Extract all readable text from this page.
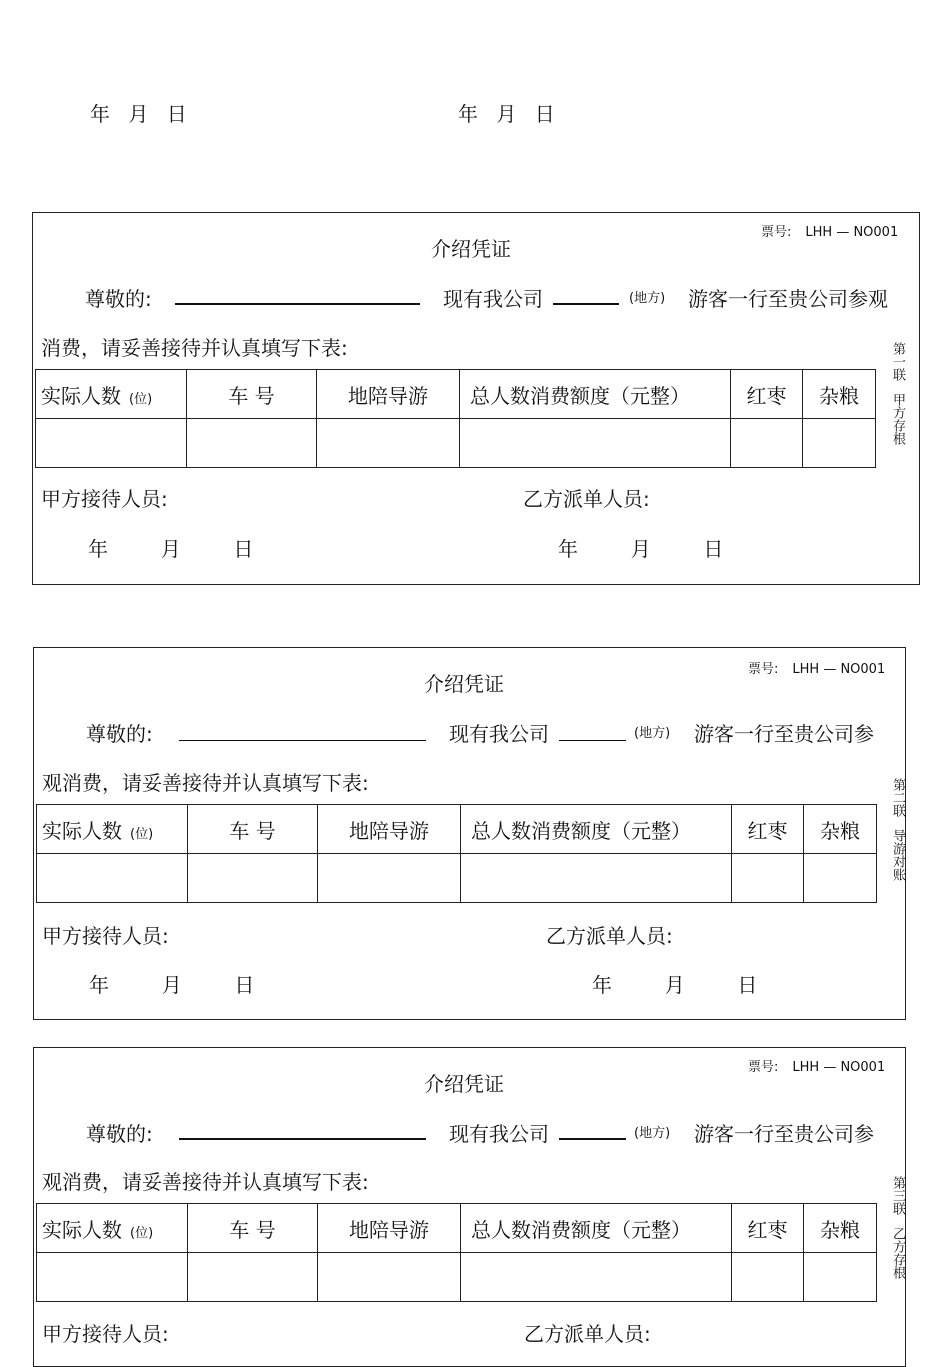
年 月 日	年 月 日
介绍凭证
票号: LHH — NO001
尊敬的:	现有我公司	(地方) 游客一行至贵公司参观
消费，请妥善接待并认真填写下表:
实际人数 (位)	车 号	地陪导游	总人数消费额度（元整）	红枣	杂粮

甲方接待人员:	乙方派单人员:
年  月  日	年  月  日
第一联甲方存根
介绍凭证
票号: LHH — NO001
尊敬的:	现有我公司	(地方) 游客一行至贵公司参
观消费，请妥善接待并认真填写下表:
实际人数 (位)	车 号	地陪导游	总人数消费额度（元整）	红枣	杂粮

甲方接待人员:	乙方派单人员:
年  月  日	年  月  日
第二联导游对账
介绍凭证
票号: LHH — NO001
尊敬的:	现有我公司	(地方) 游客一行至贵公司参
观消费，请妥善接待并认真填写下表:
实际人数 (位)	车 号	地陪导游	总人数消费额度（元整）	红枣	杂粮

甲方接待人员:	乙方派单人员:
第三联乙方存根
